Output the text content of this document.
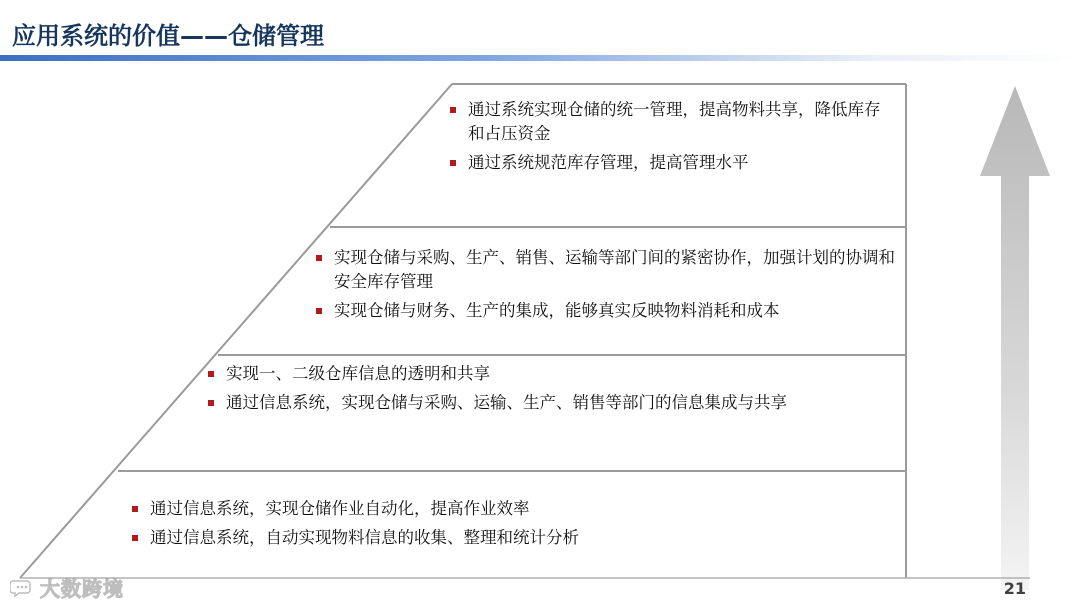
应用系统的价值——仓储管理
通过系统实现仓储的统一管理，提高物料共享，降低库存和占压资金
通过系统规范库存管理，提高管理水平
实现仓储与采购、生产、销售、运输等部门间的紧密协作，加强计划的协调和安全库存管理
实现仓储与财务、生产的集成，能够真实反映物料消耗和成本
实现一、二级仓库信息的透明和共享
通过信息系统，实现仓储与采购、运输、生产、销售等部门的信息集成与共享
通过信息系统，实现仓储作业自动化，提高作业效率
通过信息系统，自动实现物料信息的收集、整理和统计分析
21
大数跨境
